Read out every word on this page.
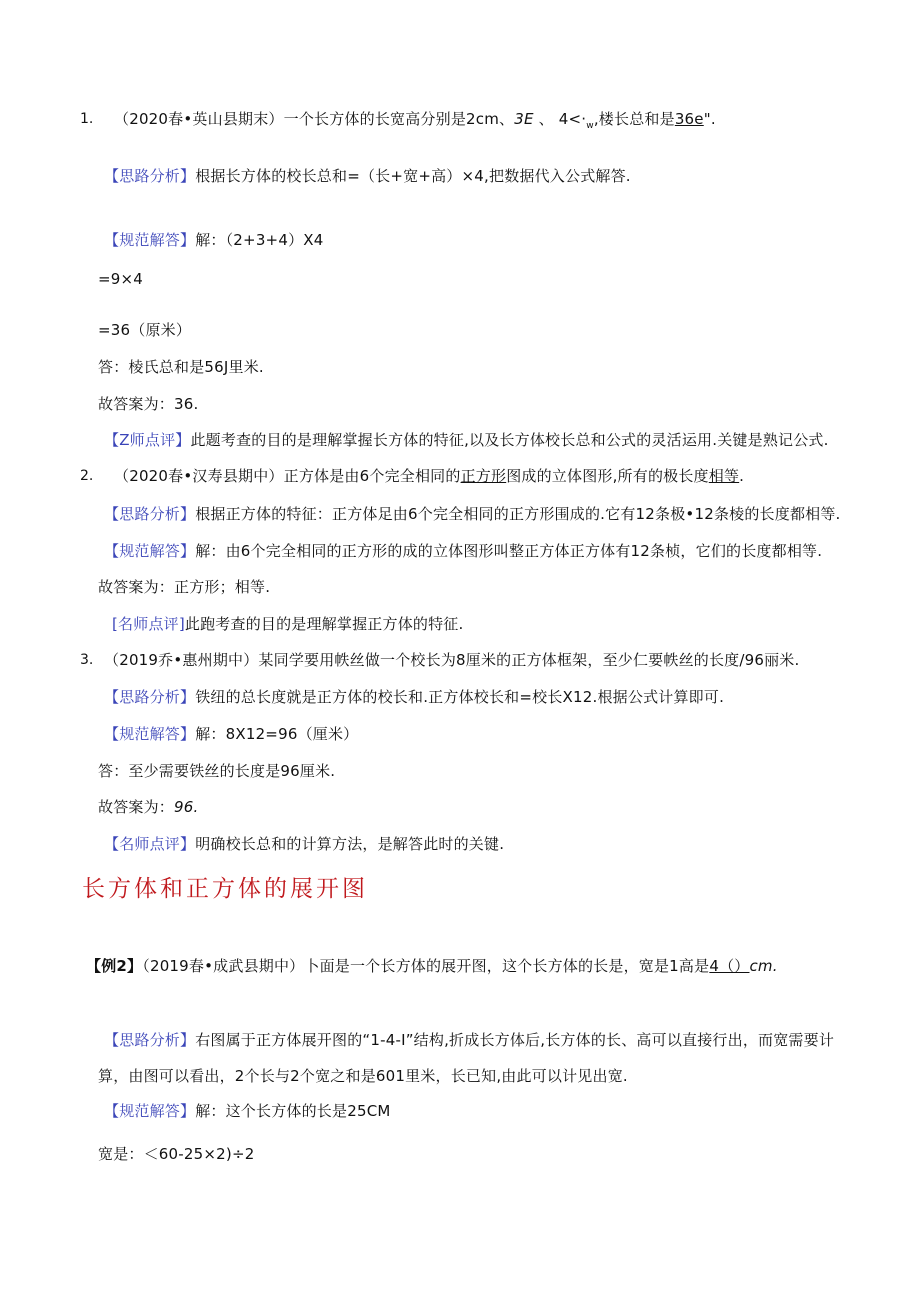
1. （2020春•英山县期末）一个长方体的长宽高分别是2cm、3E 、 $4<\cdot_w$,楼长总和是36e".
【思路分析】根据长方体的校长总和=（长+宽+高）×4,把数据代入公式解答.
【规范解答】解：（2+3+4）X4
=9×4
=36（原米）
答：棱氏总和是56J里米.
故答案为：36.
【Z师点评】此题考查的目的是理解掌握长方体的特征,以及长方体校长总和公式的灵活运用.关键是熟记公式.
2. （2020春•汉寿县期中）正方体是由6个完全相同的正方形图成的立体图形,所有的极长度相等.
【思路分析】根据正方体的特征：正方体足由6个完全相同的正方形围成的.它有12条极•12条棱的长度都相等.
【规范解答】解：由6个完全相同的正方形的成的立体图形叫整正方体正方体有12条桢，它们的长度都相等.
故答案为：正方形；相等.
[名师点评]此跑考查的目的是理解掌握正方体的特征.
3. （2019乔•惠州期中）某同学要用帙丝做一个校长为8厘米的正方体框架，至少仁要帙丝的长度/96丽米.
【思路分析】铁纽的总长度就是正方体的校长和.正方体校长和=校长X12.根据公式计算即可.
【规范解答】解：8X12=96（厘米）
答：至少需要铁丝的长度是96厘米.
故答案为：96.
【名师点评】明确校长总和的计算方法，是解答此时的关键.
长方体和正方体的展开图
【例2】（2019春•成武县期中）卜面是一个长方体的展开图，这个长方体的长是，宽是1高是4（）cm.
【思路分析】右图属于正方体展开图的“1-4-I”结构,折成长方体后,长方体的长、高可以直接行出，而宽需要计
算，由图可以看出，2个长与2个宽之和是601里米，长已知,由此可以计见出宽.
【规范解答】解：这个长方体的长是25CM
宽是：＜60-25×2)÷2
